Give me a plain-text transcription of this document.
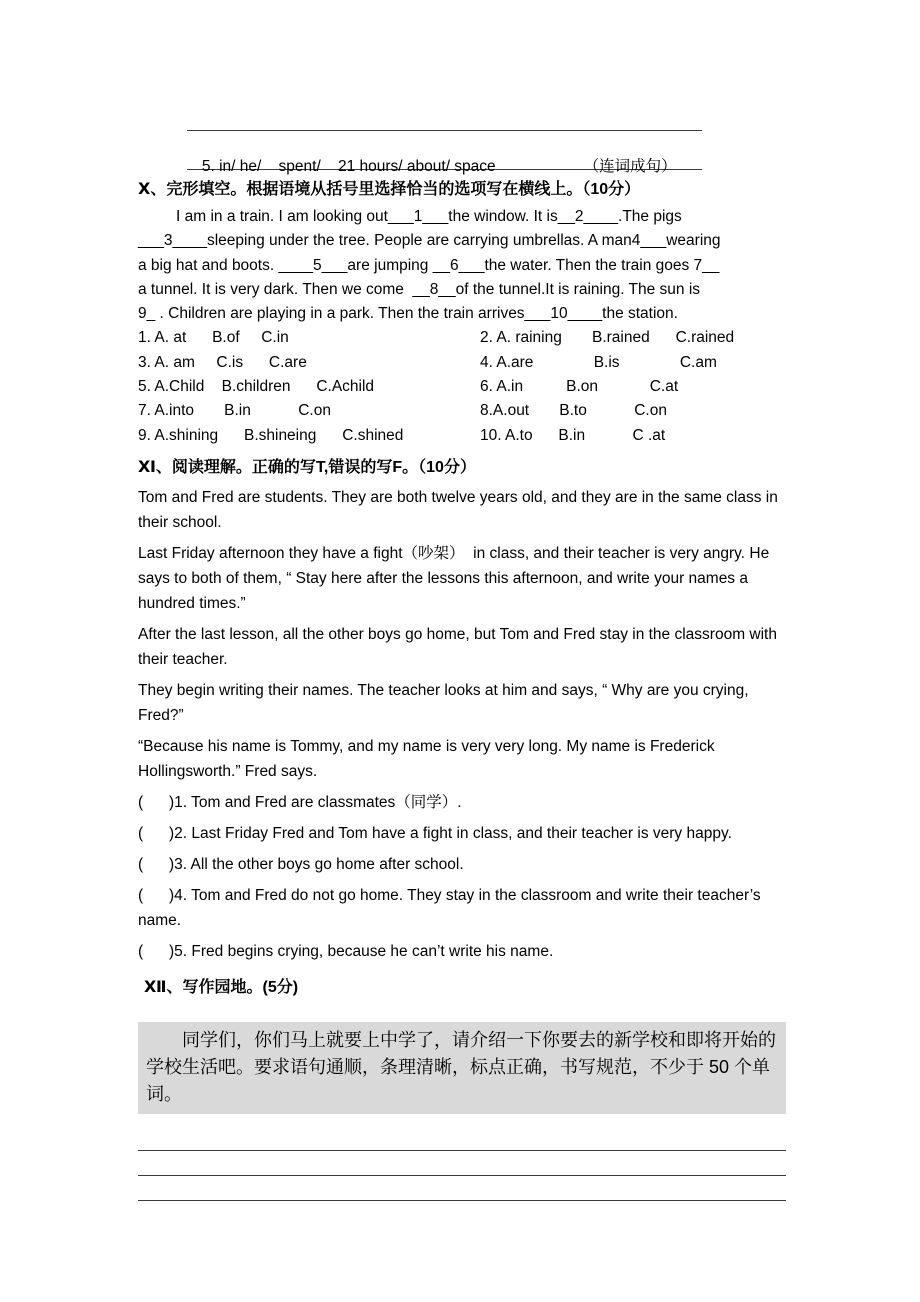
5. in/ he/    spent/    21 hours/ about/ space	（连词成句）

Ⅹ、完形填空。根据语境从括号里选择恰当的选项写在横线上。（10分）
I am in a train. I am looking out___1___the window. It is__2____.The pigs
___3____sleeping under the tree. People are carrying umbrellas. A man4___wearing
a big hat and boots. ____5___are jumping __6___the water. Then the train goes 7__
a tunnel. It is very dark. Then we come  __8__of the tunnel.It is raining. The sun is
9_ . Children are playing in a park. Then the train arrives___10____the station.
1. A. at      B.of     C.in	2. A. raining       B.rained      C.rained
3. A. am     C.is      C.are	4. A.are              B.is              C.am
5. A.Child    B.children      C.Achild	6. A.in          B.on            C.at
7. A.into       B.in           C.on	8.A.out       B.to           C.on
9. A.shining      B.shineing      C.shined	10. A.to      B.in           C .at
Ⅺ、阅读理解。正确的写T,错误的写F。（10分）

Tom and Fred are students. They are both twelve years old, and they are in the same class in their school.

Last Friday afternoon they have a fight（吵架）  in class, and their teacher is very angry. He says to both of them, “ Stay here after the lessons this afternoon, and write your names a hundred times.”

After the last lesson, all the other boys go home, but Tom and Fred stay in the classroom with their teacher.

They begin writing their names. The teacher looks at him and says, “ Why are you crying, Fred?”

“Because his name is Tommy, and my name is very very long. My name is Frederick Hollingsworth.” Fred says.

(      )1. Tom and Fred are classmates（同学）.

(      )2. Last Friday Fred and Tom have a fight in class, and their teacher is very happy.

(      )3. All the other boys go home after school.

(      )4. Tom and Fred do not go home. They stay in the classroom and write their teacher’s name.

(      )5. Fred begins crying, because he can’t write his name.

Ⅻ、写作园地。(5分)

同学们，你们马上就要上中学了，请介绍一下你要去的新学校和即将开始的学校生活吧。要求语句通顺，条理清晰，标点正确，书写规范，不少于 50 个单词。
